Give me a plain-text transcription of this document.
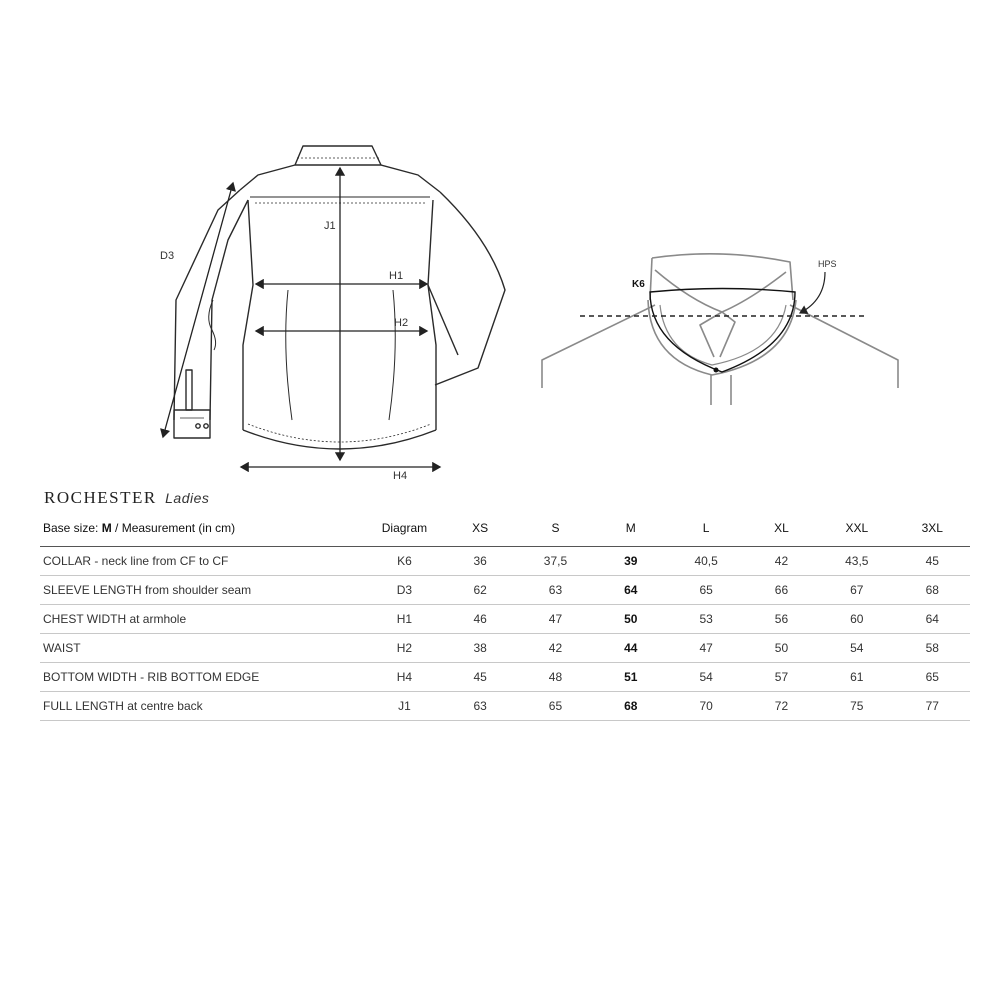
D3
J1
H1
H2
H4
K6
HPS
ROCHESTER Ladies
Base size: M / Measurement (in cm)	Diagram	XS	S	M	L	XL	XXL	3XL
COLLAR - neck line from CF to CF	K6	36	37,5	39	40,5	42	43,5	45
SLEEVE LENGTH from shoulder seam	D3	62	63	64	65	66	67	68
CHEST WIDTH at armhole	H1	46	47	50	53	56	60	64
WAIST	H2	38	42	44	47	50	54	58
BOTTOM WIDTH - RIB BOTTOM EDGE	H4	45	48	51	54	57	61	65
FULL LENGTH at centre back	J1	63	65	68	70	72	75	77
